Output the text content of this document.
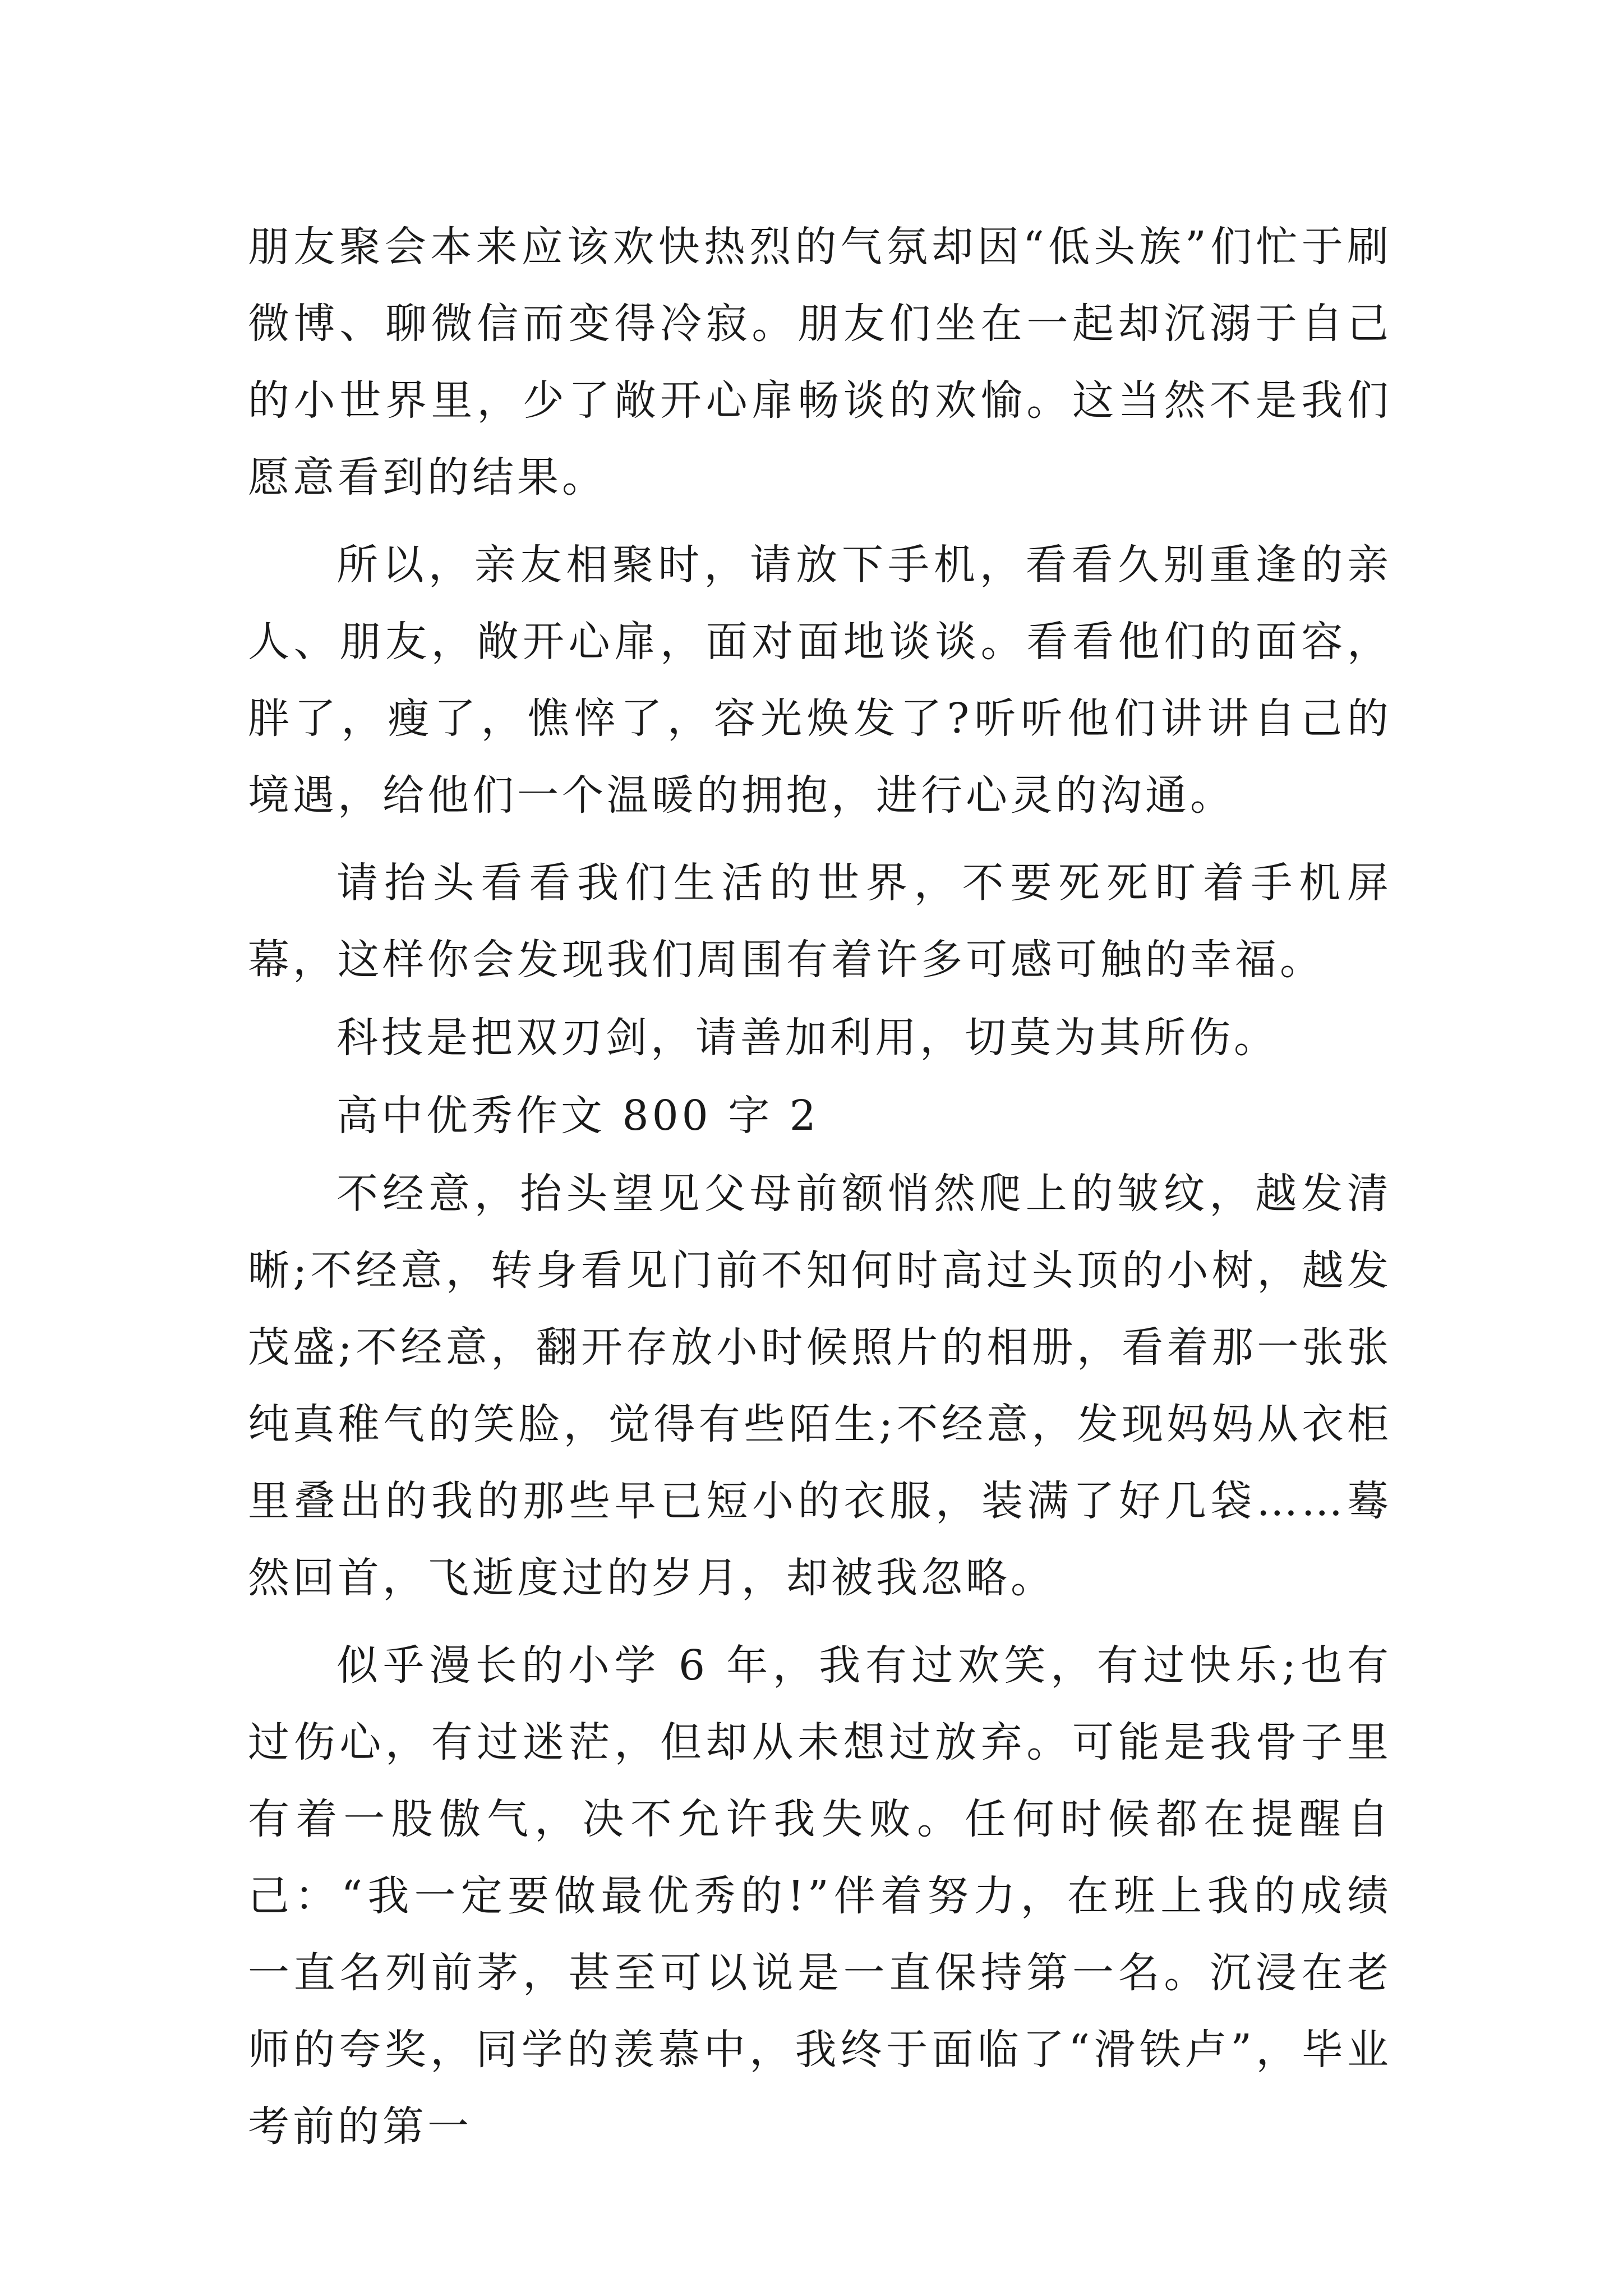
朋友聚会本来应该欢快热烈的气氛却因“低头族”们忙于刷微博、聊微信而变得冷寂。朋友们坐在一起却沉溺于自己的小世界里，少了敞开心扉畅谈的欢愉。这当然不是我们愿意看到的结果。

所以，亲友相聚时，请放下手机，看看久别重逢的亲人、朋友，敞开心扉，面对面地谈谈。看看他们的面容，胖了，瘦了，憔悴了，容光焕发了?听听他们讲讲自己的境遇，给他们一个温暖的拥抱，进行心灵的沟通。

请抬头看看我们生活的世界，不要死死盯着手机屏幕，这样你会发现我们周围有着许多可感可触的幸福。

科技是把双刃剑，请善加利用，切莫为其所伤。

高中优秀作文 800 字 2

不经意，抬头望见父母前额悄然爬上的皱纹，越发清晰;不经意，转身看见门前不知何时高过头顶的小树，越发茂盛;不经意，翻开存放小时候照片的相册，看着那一张张纯真稚气的笑脸，觉得有些陌生;不经意，发现妈妈从衣柜里叠出的我的那些早已短小的衣服，装满了好几袋……蓦然回首，飞逝度过的岁月，却被我忽略。

似乎漫长的小学 6 年，我有过欢笑，有过快乐;也有过伤心，有过迷茫，但却从未想过放弃。可能是我骨子里有着一股傲气，决不允许我失败。任何时候都在提醒自己：“我一定要做最优秀的!”伴着努力，在班上我的成绩一直名列前茅，甚至可以说是一直保持第一名。沉浸在老师的夸奖，同学的羡慕中，我终于面临了“滑铁卢”，毕业考前的第一
